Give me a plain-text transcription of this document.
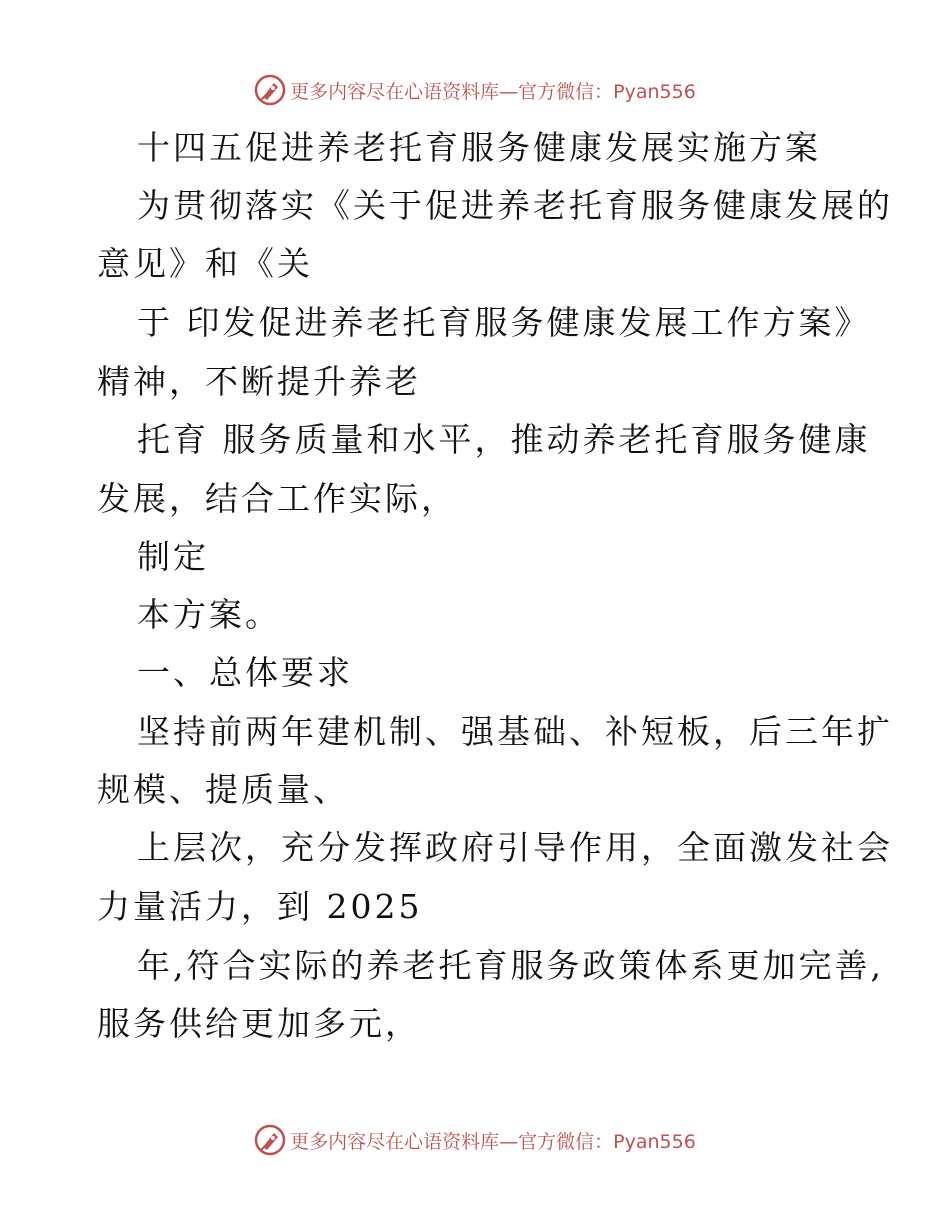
更多内容尽在心语资料库—官方微信：Pyan556
十四五促进养老托育服务健康发展实施方案
为贯彻落实《关于促进养老托育服务健康发展的
意见》和《关
于 印发促进养老托育服务健康发展工作方案》
精神，不断提升养老
托育 服务质量和水平，推动养老托育服务健康
发展，结合工作实际，
制定
本方案。
一、总体要求
坚持前两年建机制、强基础、补短板，后三年扩
规模、提质量、
上层次，充分发挥政府引导作用，全面激发社会
力量活力，到 2025
年,符合实际的养老托育服务政策体系更加完善,
服务供给更加多元，
更多内容尽在心语资料库—官方微信：Pyan556
